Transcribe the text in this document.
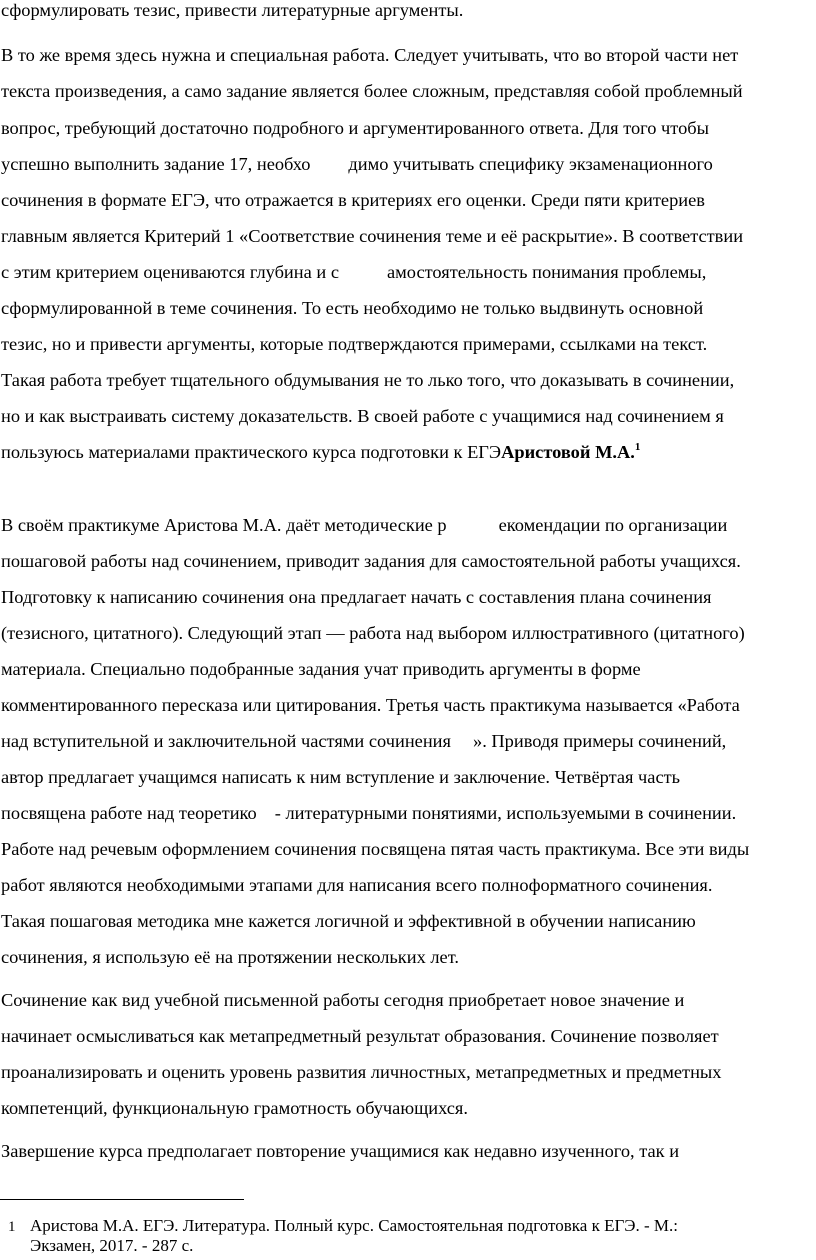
сформулировать тезис, привести литературные аргументы.
В то же время здесь нужна и специальная работа. Следует учитывать, что во второй части нет
текста произведения, а само задание является более сложным, представляя собой проблемный
вопрос, требующий достаточно подробного и аргументированного ответа. Для того чтобы
успешно выполнить задание 17, необхо димо учитывать специфику экзаменационного
сочинения в формате ЕГЭ, что отражается в критериях его оценки. Среди пяти критериев
главным является Критерий 1 «Соответствие сочинения теме и её раскрытие». В соответствии
с этим критерием оцениваются глубина и с	амостоятельность понимания проблемы,
сформулированной в теме сочинения. То есть необходимо не только выдвинуть основной
тезис, но и привести аргументы, которые подтверждаются примерами, ссылками на текст.
Такая работа требует тщательного обдумывания не то лько того, что доказывать в сочинении,
но и как выстраивать систему доказательств. В своей работе с учащимися над сочинением я
пользуюсь материалами практического курса подготовки к ЕГЭАристовой М.А.$^1$
В своём практикуме Аристова М.А. даёт методические р	екомендации по организации
пошаговой работы над сочинением, приводит задания для самостоятельной работы учащихся.
Подготовку к написанию сочинения она предлагает начать с составления плана сочинения
(тезисного, цитатного). Следующий этап — работа над выбором иллюстративного (цитатного)
материала. Специально подобранные задания учат приводить аргументы в форме
комментированного пересказа или цитирования. Третья часть практикума называется «Работа
над вступительной и заключительной частями сочинения ». Приводя примеры сочинений,
автор предлагает учащимся написать к ним вступление и заключение. Четвёртая часть
посвящена работе над теоретико - литературными понятиями, используемыми в сочинении.
Работе над речевым оформлением сочинения посвящена пятая часть практикума. Все эти виды
работ являются необходимыми этапами для написания всего полноформатного сочинения.
Такая пошаговая методика мне кажется логичной и эффективной в обучении написанию
сочинения, я использую её на протяжении нескольких лет.
Сочинение как вид учебной письменной работы сегодня приобретает новое значение и
начинает осмысливаться как метапредметный результат образования. Сочинение позволяет
проанализировать и оценить уровень развития личностных, метапредметных и предметных
компетенций, функциональную грамотность обучающихся.
Завершение курса предполагает повторение учащимися как недавно изученного, так и
1 Аристова М.А. ЕГЭ. Литература. Полный курс. Самостоятельная подготовка к ЕГЭ. - М.:
Экзамен, 2017. - 287 с.
